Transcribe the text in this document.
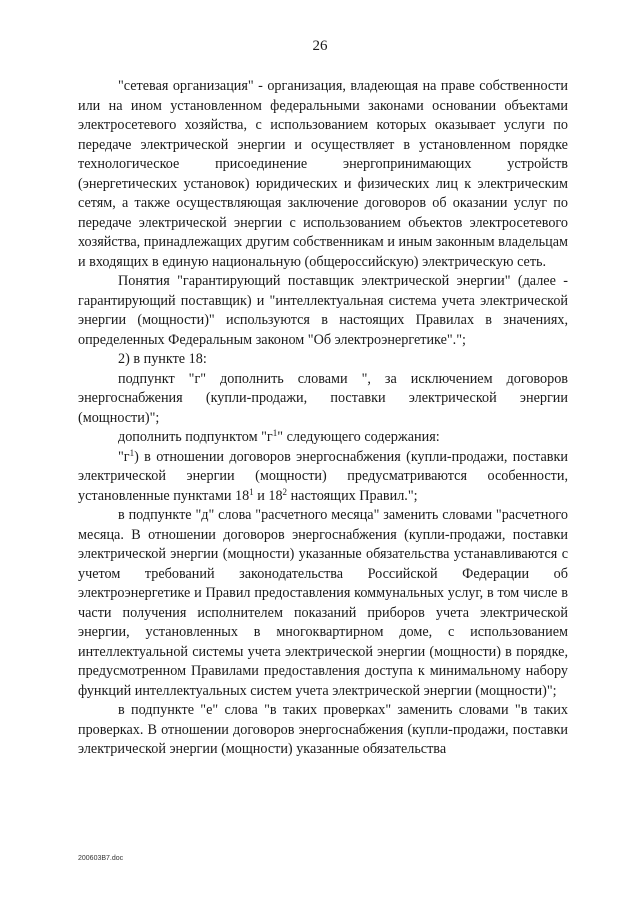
26

"сетевая организация" - организация, владеющая на праве собственности или на ином установленном федеральными законами основании объектами электросетевого хозяйства, с использованием которых оказывает услуги по передаче электрической энергии и осуществляет в установленном порядке технологическое присоединение энергопринимающих устройств (энергетических установок) юридических и физических лиц к электрическим сетям, а также осуществляющая заключение договоров об оказании услуг по передаче электрической энергии с использованием объектов электросетевого хозяйства, принадлежащих другим собственникам и иным законным владельцам и входящих в единую национальную (общероссийскую) электрическую сеть.

Понятия "гарантирующий поставщик электрической энергии" (далее - гарантирующий поставщик) и "интеллектуальная система учета электрической энергии (мощности)" используются в настоящих Правилах в значениях, определенных Федеральным законом "Об электроэнергетике".";

2) в пункте 18:

подпункт "г" дополнить словами ", за исключением договоров энергоснабжения (купли-продажи, поставки электрической энергии (мощности)";

дополнить подпунктом "$г^1$" следующего содержания:

"$г^1$) в отношении договоров энергоснабжения (купли-продажи, поставки электрической энергии (мощности) предусматриваются особенности, установленные пунктами $18^1$ и $18^2$ настоящих Правил.";

в подпункте "д" слова "расчетного месяца" заменить словами "расчетного месяца. В отношении договоров энергоснабжения (купли-продажи, поставки электрической энергии (мощности) указанные обязательства устанавливаются с учетом требований законодательства Российской Федерации об электроэнергетике и Правил предоставления коммунальных услуг, в том числе в части получения исполнителем показаний приборов учета электрической энергии, установленных в многоквартирном доме, с использованием интеллектуальной системы учета электрической энергии (мощности) в порядке, предусмотренном Правилами предоставления доступа к минимальному набору функций интеллектуальных систем учета электрической энергии (мощности)";

в подпункте "е" слова "в таких проверках" заменить словами "в таких проверках. В отношении договоров энергоснабжения (купли-продажи, поставки электрической энергии (мощности) указанные обязательства

200603В7.doc
